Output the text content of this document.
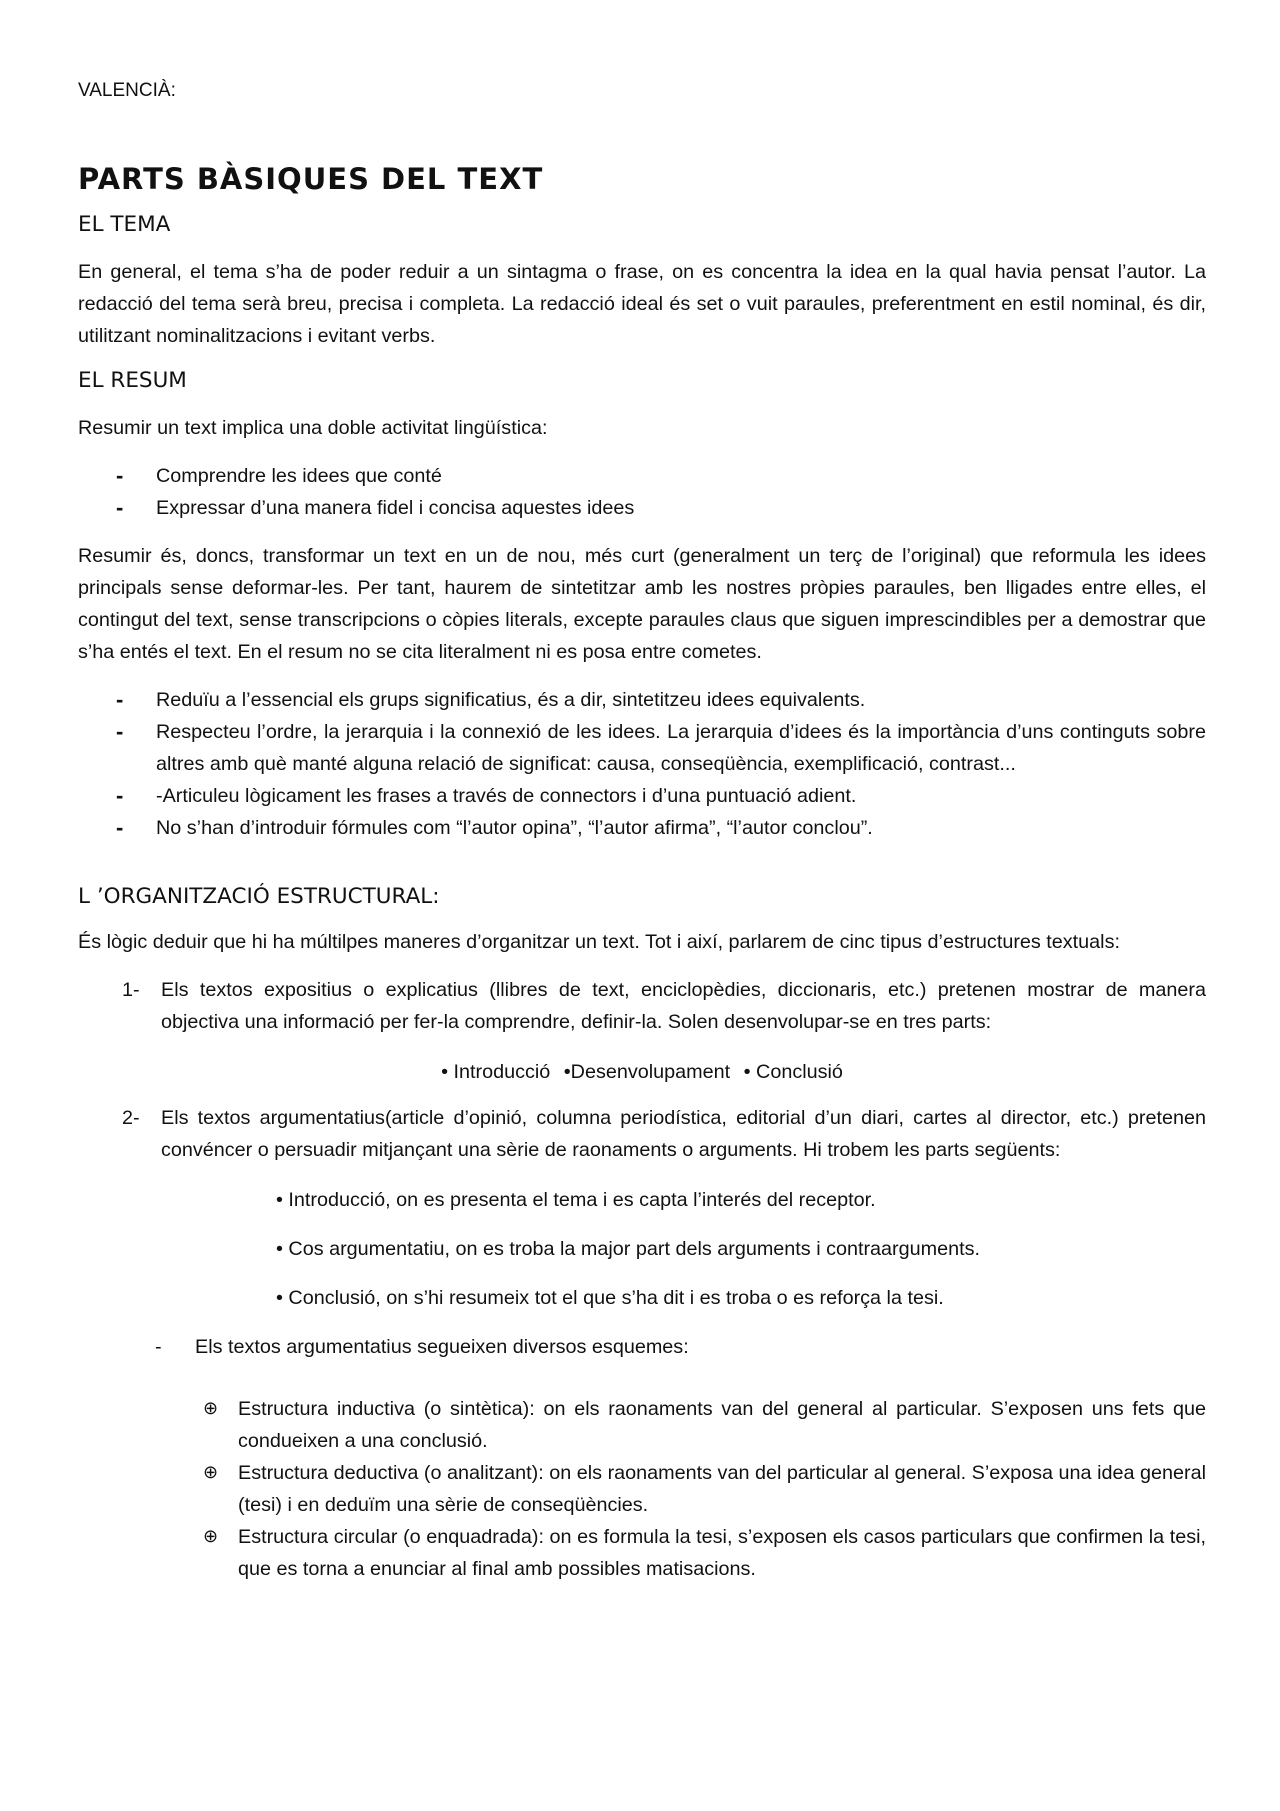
VALENCIÀ:
PARTS BÀSIQUES DEL TEXT
EL TEMA

En general, el tema s’ha de poder reduir a un sintagma o frase, on es concentra la idea en la qual havia pensat l’autor. La redacció del tema serà breu, precisa i completa. La redacció ideal és set o vuit paraules, preferentment en estil nominal, és dir, utilitzant nominalitzacions i evitant verbs.

EL RESUM

Resumir un text implica una doble activitat lingüística:

- Comprendre les idees que conté
- Expressar d’una manera fidel i concisa aquestes idees

Resumir és, doncs, transformar un text en un de nou, més curt (generalment un terç de l’original) que reformula les idees principals sense deformar-les. Per tant, haurem de sintetitzar amb les nostres pròpies paraules, ben lligades entre elles, el contingut del text, sense transcripcions o còpies literals, excepte paraules claus que siguen imprescindibles per a demostrar que s’ha entés el text. En el resum no se cita literalment ni es posa entre cometes.

- Reduïu a l’essencial els grups significatius, és a dir, sintetitzeu idees equivalents.
- Respecteu l’ordre, la jerarquia i la connexió de les idees. La jerarquia d’idees és la importància d’uns continguts sobre altres amb què manté alguna relació de significat: causa, conseqüència, exemplificació, contrast...
- -Articuleu lògicament les frases a través de connectors i d’una puntuació adient.
- No s’han d’introduir fórmules com “l’autor opina”, “l’autor afirma”, “l’autor conclou”.
L ’ORGANITZACIÓ ESTRUCTURAL:

És lògic deduir que hi ha múltilpes maneres d’organitzar un text. Tot i així, parlarem de cinc tipus d’estructures textuals:

1- Els textos expositius o explicatius (llibres de text, enciclopèdies, diccionaris, etc.) pretenen mostrar de manera objectiva una informació per fer-la comprendre, definir-la. Solen desenvolupar-se en tres parts:
• Introducció •Desenvolupament • Conclusió
2- Els textos argumentatius(article d’opinió, columna periodística, editorial d’un diari, cartes al director, etc.) pretenen convéncer o persuadir mitjançant una sèrie de raonaments o arguments. Hi trobem les parts següents:
• Introducció, on es presenta el tema i es capta l’interés del receptor.
• Cos argumentatiu, on es troba la major part dels arguments i contraarguments.
• Conclusió, on s’hi resumeix tot el que s’ha dit i es troba o es reforça la tesi.
- Els textos argumentatius segueixen diversos esquemes:
⊕ Estructura inductiva (o sintètica): on els raonaments van del general al particular. S’exposen uns fets que condueixen a una conclusió.
⊕ Estructura deductiva (o analitzant): on els raonaments van del particular al general. S’exposa una idea general (tesi) i en deduïm una sèrie de conseqüències.
⊕ Estructura circular (o enquadrada): on es formula la tesi, s’exposen els casos particulars que confirmen la tesi, que es torna a enunciar al final amb possibles matisacions.
